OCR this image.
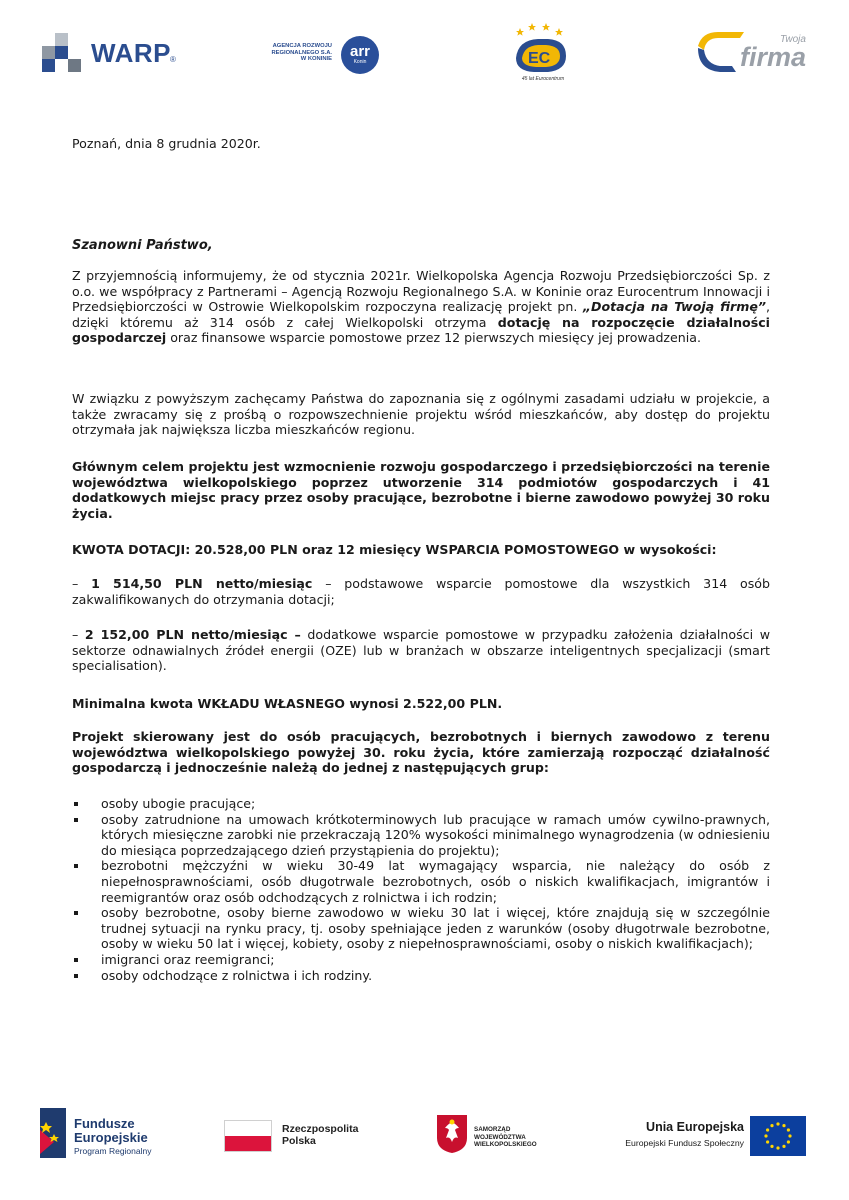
WARP ®
AGENCJA ROZWOJU REGIONALNEGO S.A. W KONINIE	arr
Konin	EC
45 lat Eurocentrum
Twoja
firma
Poznań, dnia 8 grudnia 2020r.
Szanowni Państwo,
Z przyjemnością informujemy, że od stycznia 2021r. Wielkopolska Agencja Rozwoju Przedsiębiorczości Sp. z o.o. we współpracy z Partnerami – Agencją Rozwoju Regionalnego S.A. w Koninie oraz Eurocentrum Innowacji i Przedsiębiorczości w Ostrowie Wielkopolskim rozpoczyna realizację projekt pn. „Dotacja na Twoją firmę”, dzięki któremu aż 314 osób z całej Wielkopolski otrzyma dotację na rozpoczęcie działalności gospodarczej oraz finansowe wsparcie pomostowe przez 12 pierwszych miesięcy jej prowadzenia.
W związku z powyższym zachęcamy Państwa do zapoznania się z ogólnymi zasadami udziału w projekcie, a także zwracamy się z prośbą o rozpowszechnienie projektu wśród mieszkańców, aby dostęp do projektu otrzymała jak największa liczba mieszkańców regionu.
Głównym celem projektu jest wzmocnienie rozwoju gospodarczego i przedsiębiorczości na terenie województwa wielkopolskiego poprzez utworzenie 314 podmiotów gospodarczych i 41 dodatkowych miejsc pracy przez osoby pracujące, bezrobotne i bierne zawodowo powyżej 30 roku życia.
KWOTA DOTACJI: 20.528,00 PLN oraz 12 miesięcy WSPARCIA POMOSTOWEGO w wysokości:
– 1 514,50 PLN netto/miesiąc – podstawowe wsparcie pomostowe dla wszystkich 314 osób zakwalifikowanych do otrzymania dotacji;
– 2 152,00 PLN netto/miesiąc – dodatkowe wsparcie pomostowe w przypadku założenia działalności w sektorze odnawialnych źródeł energii (OZE) lub w branżach w obszarze inteligentnych specjalizacji (smart specialisation).
Minimalna kwota WKŁADU WŁASNEGO wynosi 2.522,00 PLN.
Projekt skierowany jest do osób pracujących, bezrobotnych i biernych zawodowo z terenu województwa wielkopolskiego powyżej 30. roku życia, które zamierzają rozpocząć działalność gospodarczą i jednocześnie należą do jednej z następujących grup:
osoby ubogie pracujące;
osoby zatrudnione na umowach krótkoterminowych lub pracujące w ramach umów cywilno-prawnych, których miesięczne zarobki nie przekraczają 120% wysokości minimalnego wynagrodzenia (w odniesieniu do miesiąca poprzedzającego dzień przystąpienia do projektu);
bezrobotni mężczyźni w wieku 30-49 lat wymagający wsparcia, nie należący do osób z niepełnosprawnościami, osób długotrwale bezrobotnych, osób o niskich kwalifikacjach, imigrantów i reemigrantów oraz osób odchodzących z rolnictwa i ich rodzin;
osoby bezrobotne, osoby bierne zawodowo w wieku 30 lat i więcej, które znajdują się w szczególnie trudnej sytuacji na rynku pracy, tj. osoby spełniające jeden z warunków (osoby długotrwale bezrobotne, osoby w wieku 50 lat i więcej, kobiety, osoby z niepełnosprawnościami, osoby o niskich kwalifikacjach);
imigranci oraz reemigranci;
osoby odchodzące z rolnictwa i ich rodziny.
Fundusze Europejskie
Program Regionalny
Rzeczpospolita Polska
SAMORZĄD WOJEWÓDZTWA WIELKOPOLSKIEGO
Unia Europejska
Europejski Fundusz Społeczny
